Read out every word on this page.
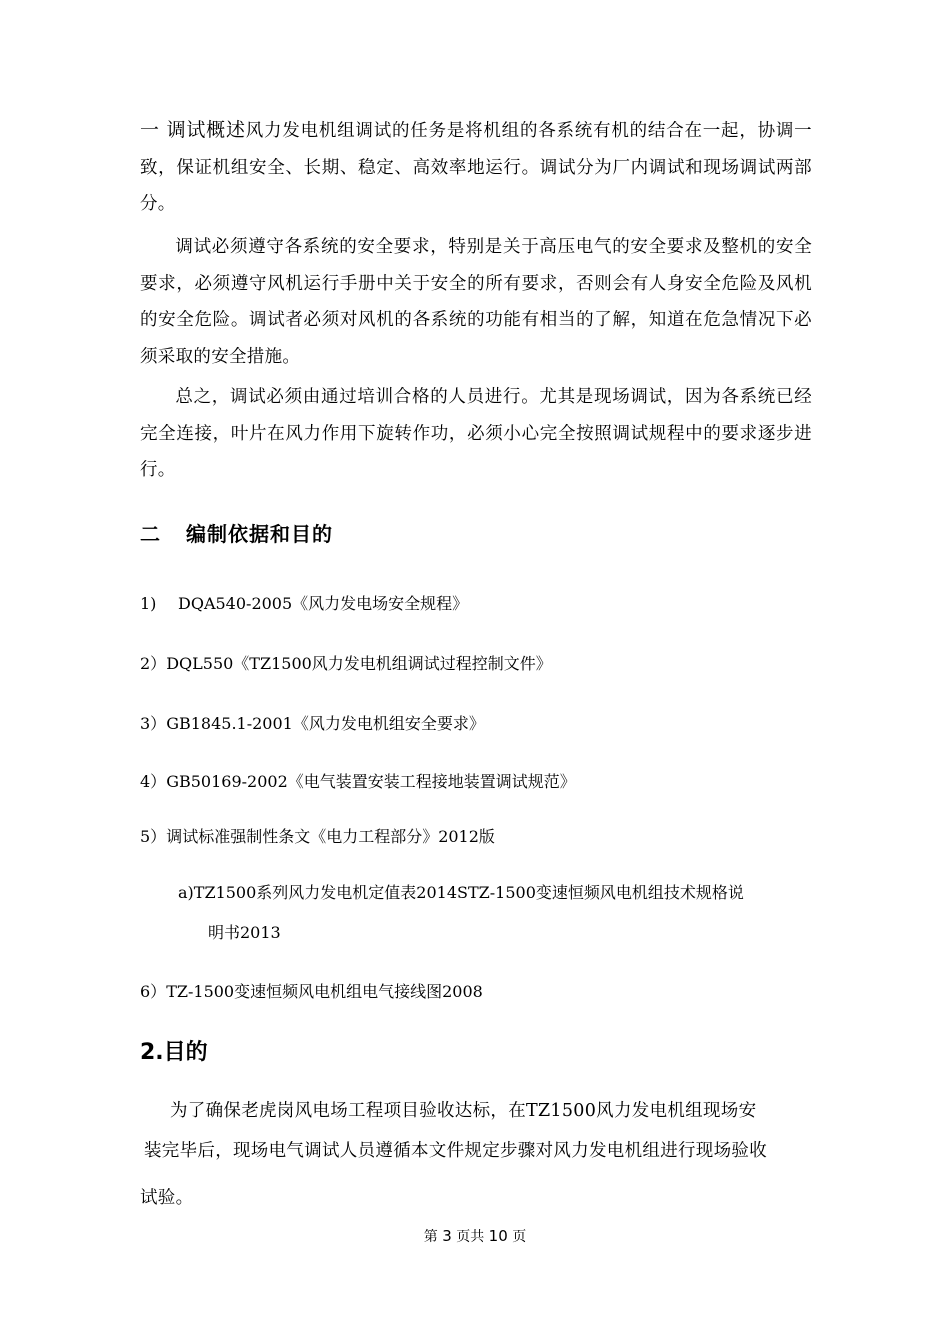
一 调试概述风力发电机组调试的任务是将机组的各系统有机的结合在一起，协调一致，保证机组安全、长期、稳定、高效率地运行。调试分为厂内调试和现场调试两部分。

调试必须遵守各系统的安全要求，特别是关于高压电气的安全要求及整机的安全要求，必须遵守风机运行手册中关于安全的所有要求，否则会有人身安全危险及风机的安全危险。调试者必须对风机的各系统的功能有相当的了解，知道在危急情况下必须采取的安全措施。

总之，调试必须由通过培训合格的人员进行。尤其是现场调试，因为各系统已经完全连接，叶片在风力作用下旋转作功，必须小心完全按照调试规程中的要求逐步进行。

二 编制依据和目的

1) DQA540-2005《风力发电场安全规程》

2）DQL550《TZ1500风力发电机组调试过程控制文件》

3）GB1845.1-2001《风力发电机组安全要求》

4）GB50169-2002《电气装置安装工程接地装置调试规范》

5）调试标准强制性条文《电力工程部分》2012版

a)TZ1500系列风力发电机定值表2014STZ-1500变速恒频风电机组技术规格说
明书2013

6）TZ-1500变速恒频风电机组电气接线图2008

2.目的

为了确保老虎岗风电场工程项目验收达标，在TZ1500风力发电机组现场安

装完毕后，现场电气调试人员遵循本文件规定步骤对风力发电机组进行现场验收

试验。

第 3 页共 10 页
